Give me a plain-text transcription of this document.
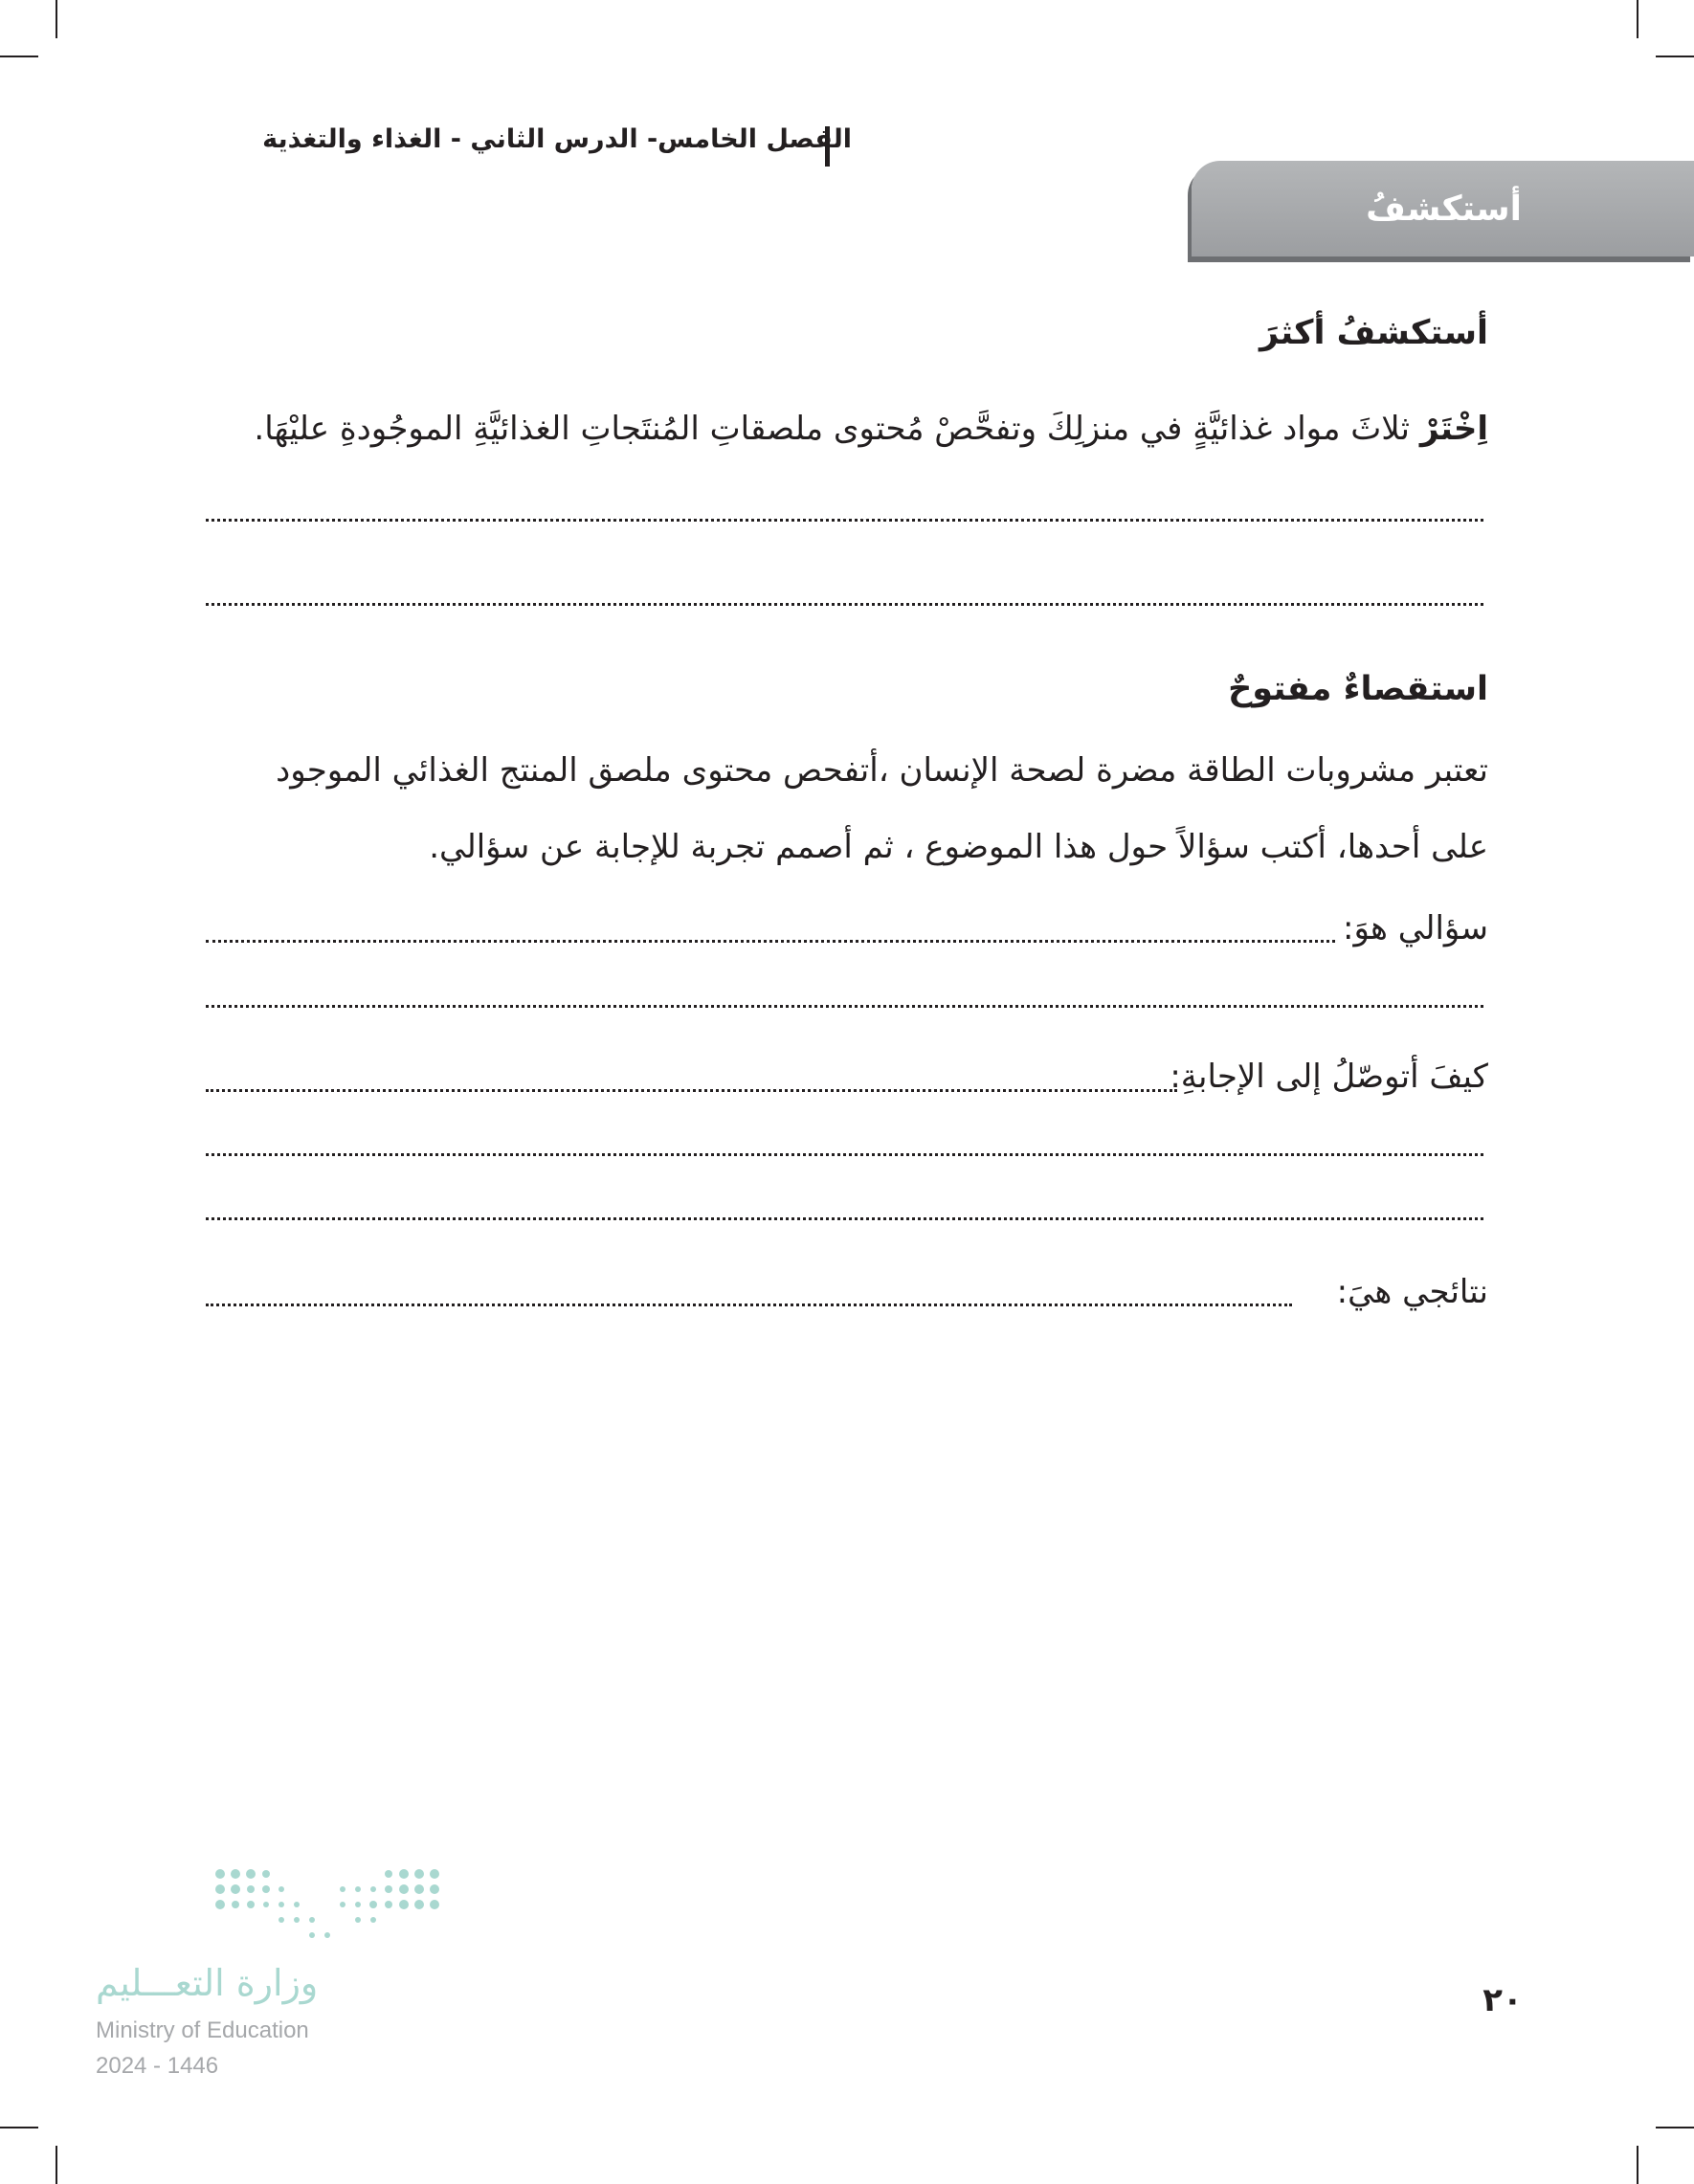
الفصل الخامس- الدرس الثاني - الغذاء والتغذية
أستكشفُ
أستكشفُ أكثرَ
اِخْتَرْ ثلاثَ مواد غذائيَّةٍ في منزلِكَ وتفحَّصْ مُحتوى ملصقاتِ المُنتَجاتِ الغذائيَّةِ الموجُودةِ عليْهَا.
استقصاءٌ مفتوحٌ
تعتبر مشروبات الطاقة مضرة لصحة الإنسان ،أتفحص محتوى ملصق المنتج الغذائي الموجود
على أحدها، أكتب سؤالاً حول هذا الموضوع ، ثم أصمم تجربة للإجابة عن سؤالي.
سؤالي هوَ:
كيفَ أتوصّلُ إلى الإجابةِ:
نتائجي هيَ:
وزارة التعـــليم
Ministry of Education
2024 - 1446
٢٠
